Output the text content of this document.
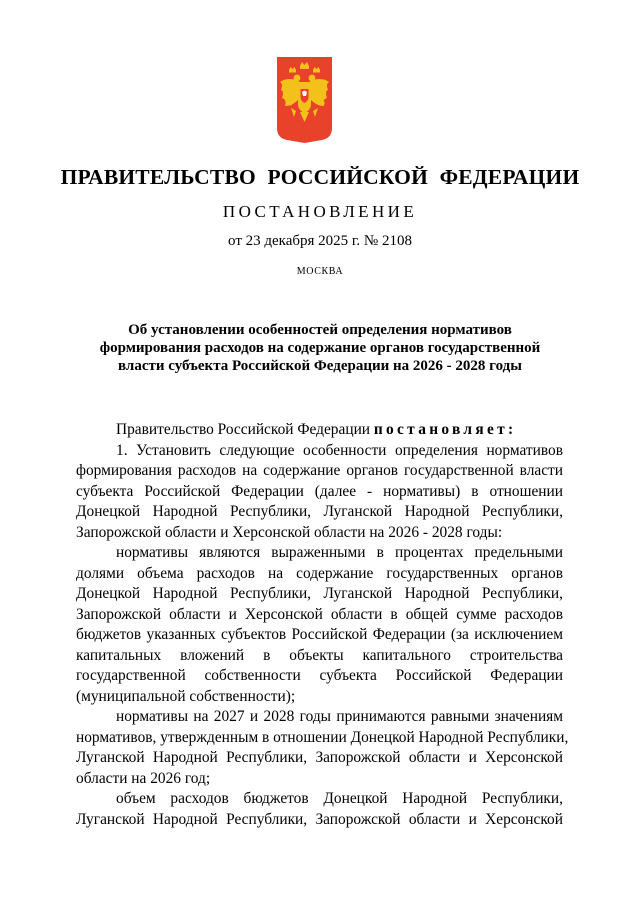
ПРАВИТЕЛЬСТВО РОССИЙСКОЙ ФЕДЕРАЦИИ
ПОСТАНОВЛЕНИЕ
от 23 декабря 2025 г. № 2108
МОСКВА
Об установлении особенностей определения нормативов
формирования расходов на содержание органов государственной
власти субъекта Российской Федерации на 2026 - 2028 годы

Правительство Российской Федерации постановляет:

1. Установить следующие особенности определения нормативов
формирования расходов на содержание органов государственной власти
субъекта Российской Федерации (далее - нормативы) в отношении
Донецкой Народной Республики, Луганской Народной Республики,
Запорожской области и Херсонской области на 2026 - 2028 годы:

нормативы являются выраженными в процентах предельными
долями объема расходов на содержание государственных органов
Донецкой Народной Республики, Луганской Народной Республики,
Запорожской области и Херсонской области в общей сумме расходов
бюджетов указанных субъектов Российской Федерации (за исключением
капитальных вложений в объекты капитального строительства
государственной собственности субъекта Российской Федерации
(муниципальной собственности);

нормативы на 2027 и 2028 годы принимаются равными значениям
нормативов, утвержденным в отношении Донецкой Народной Республики,
Луганской Народной Республики, Запорожской области и Херсонской
области на 2026 год;

объем расходов бюджетов Донецкой Народной Республики,
Луганской Народной Республики, Запорожской области и Херсонской
